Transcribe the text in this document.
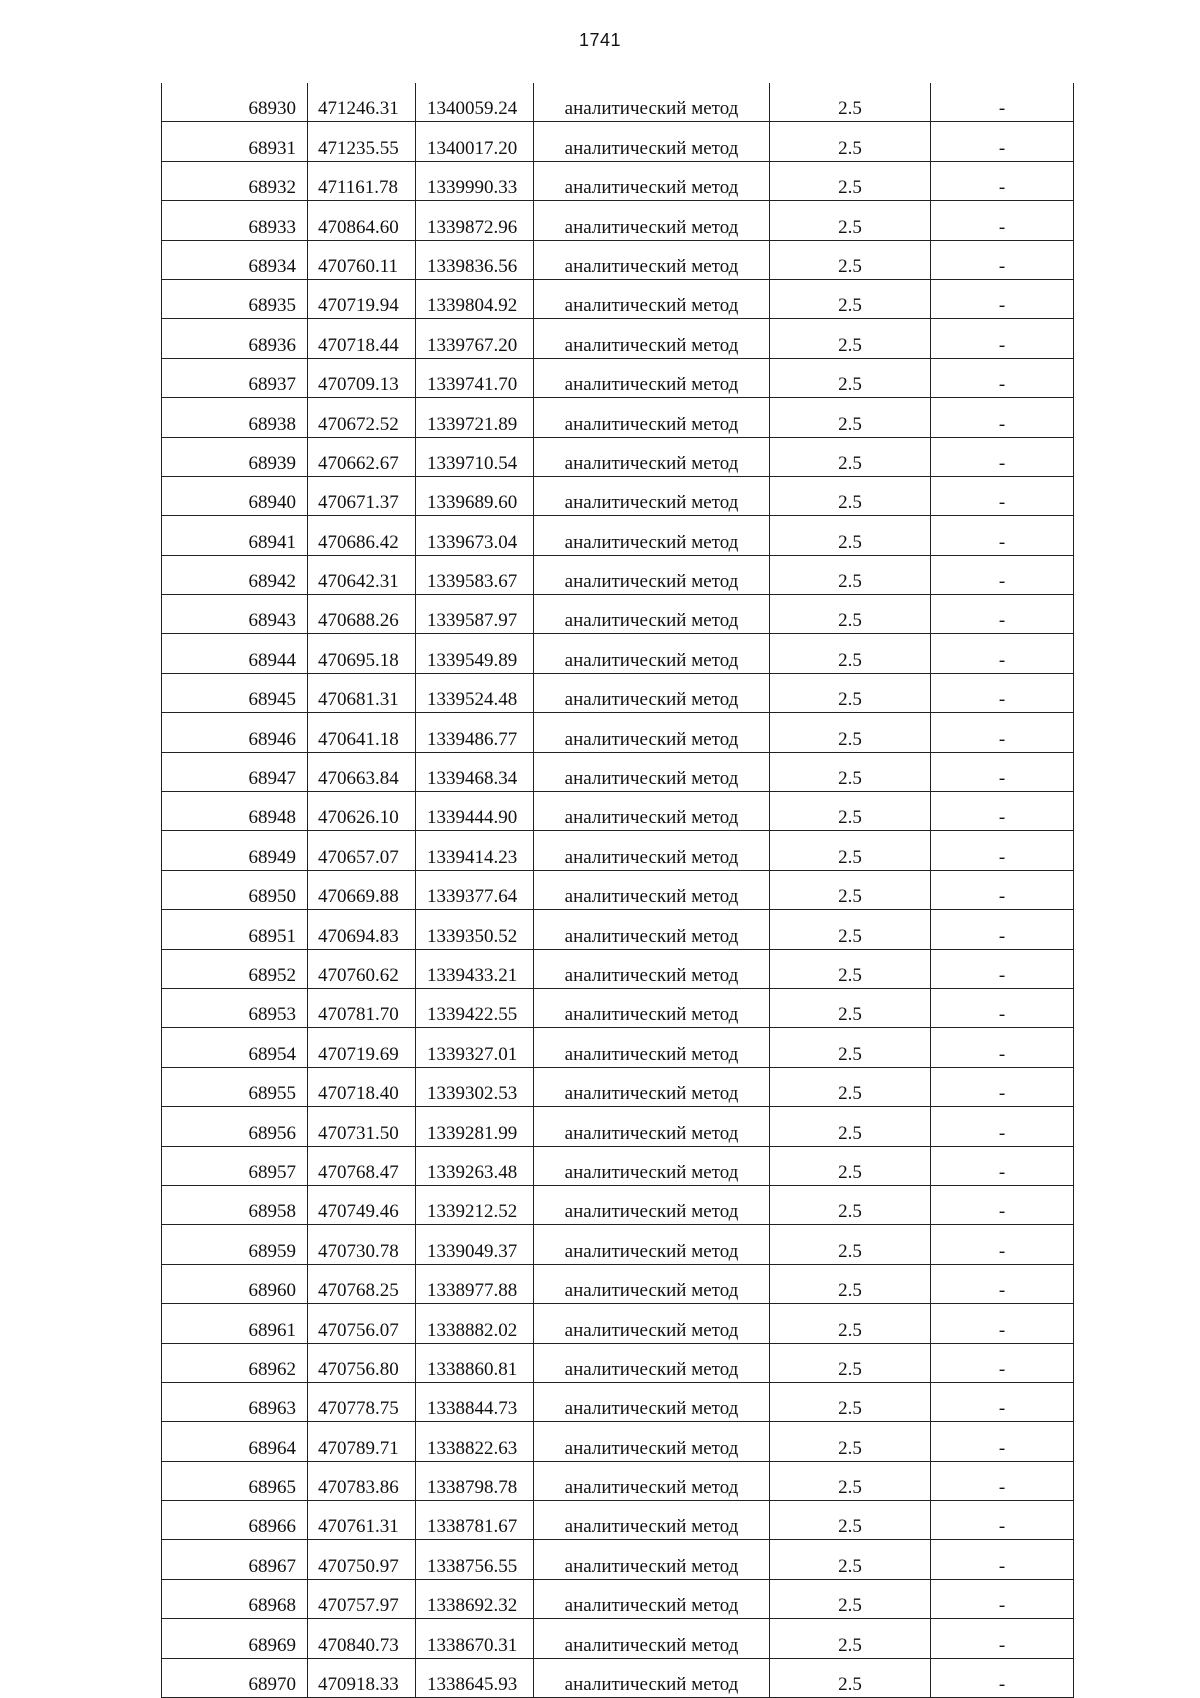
1741
68930	471246.31	1340059.24	аналитический метод	2.5	-
68931	471235.55	1340017.20	аналитический метод	2.5	-
68932	471161.78	1339990.33	аналитический метод	2.5	-
68933	470864.60	1339872.96	аналитический метод	2.5	-
68934	470760.11	1339836.56	аналитический метод	2.5	-
68935	470719.94	1339804.92	аналитический метод	2.5	-
68936	470718.44	1339767.20	аналитический метод	2.5	-
68937	470709.13	1339741.70	аналитический метод	2.5	-
68938	470672.52	1339721.89	аналитический метод	2.5	-
68939	470662.67	1339710.54	аналитический метод	2.5	-
68940	470671.37	1339689.60	аналитический метод	2.5	-
68941	470686.42	1339673.04	аналитический метод	2.5	-
68942	470642.31	1339583.67	аналитический метод	2.5	-
68943	470688.26	1339587.97	аналитический метод	2.5	-
68944	470695.18	1339549.89	аналитический метод	2.5	-
68945	470681.31	1339524.48	аналитический метод	2.5	-
68946	470641.18	1339486.77	аналитический метод	2.5	-
68947	470663.84	1339468.34	аналитический метод	2.5	-
68948	470626.10	1339444.90	аналитический метод	2.5	-
68949	470657.07	1339414.23	аналитический метод	2.5	-
68950	470669.88	1339377.64	аналитический метод	2.5	-
68951	470694.83	1339350.52	аналитический метод	2.5	-
68952	470760.62	1339433.21	аналитический метод	2.5	-
68953	470781.70	1339422.55	аналитический метод	2.5	-
68954	470719.69	1339327.01	аналитический метод	2.5	-
68955	470718.40	1339302.53	аналитический метод	2.5	-
68956	470731.50	1339281.99	аналитический метод	2.5	-
68957	470768.47	1339263.48	аналитический метод	2.5	-
68958	470749.46	1339212.52	аналитический метод	2.5	-
68959	470730.78	1339049.37	аналитический метод	2.5	-
68960	470768.25	1338977.88	аналитический метод	2.5	-
68961	470756.07	1338882.02	аналитический метод	2.5	-
68962	470756.80	1338860.81	аналитический метод	2.5	-
68963	470778.75	1338844.73	аналитический метод	2.5	-
68964	470789.71	1338822.63	аналитический метод	2.5	-
68965	470783.86	1338798.78	аналитический метод	2.5	-
68966	470761.31	1338781.67	аналитический метод	2.5	-
68967	470750.97	1338756.55	аналитический метод	2.5	-
68968	470757.97	1338692.32	аналитический метод	2.5	-
68969	470840.73	1338670.31	аналитический метод	2.5	-
68970	470918.33	1338645.93	аналитический метод	2.5	-
